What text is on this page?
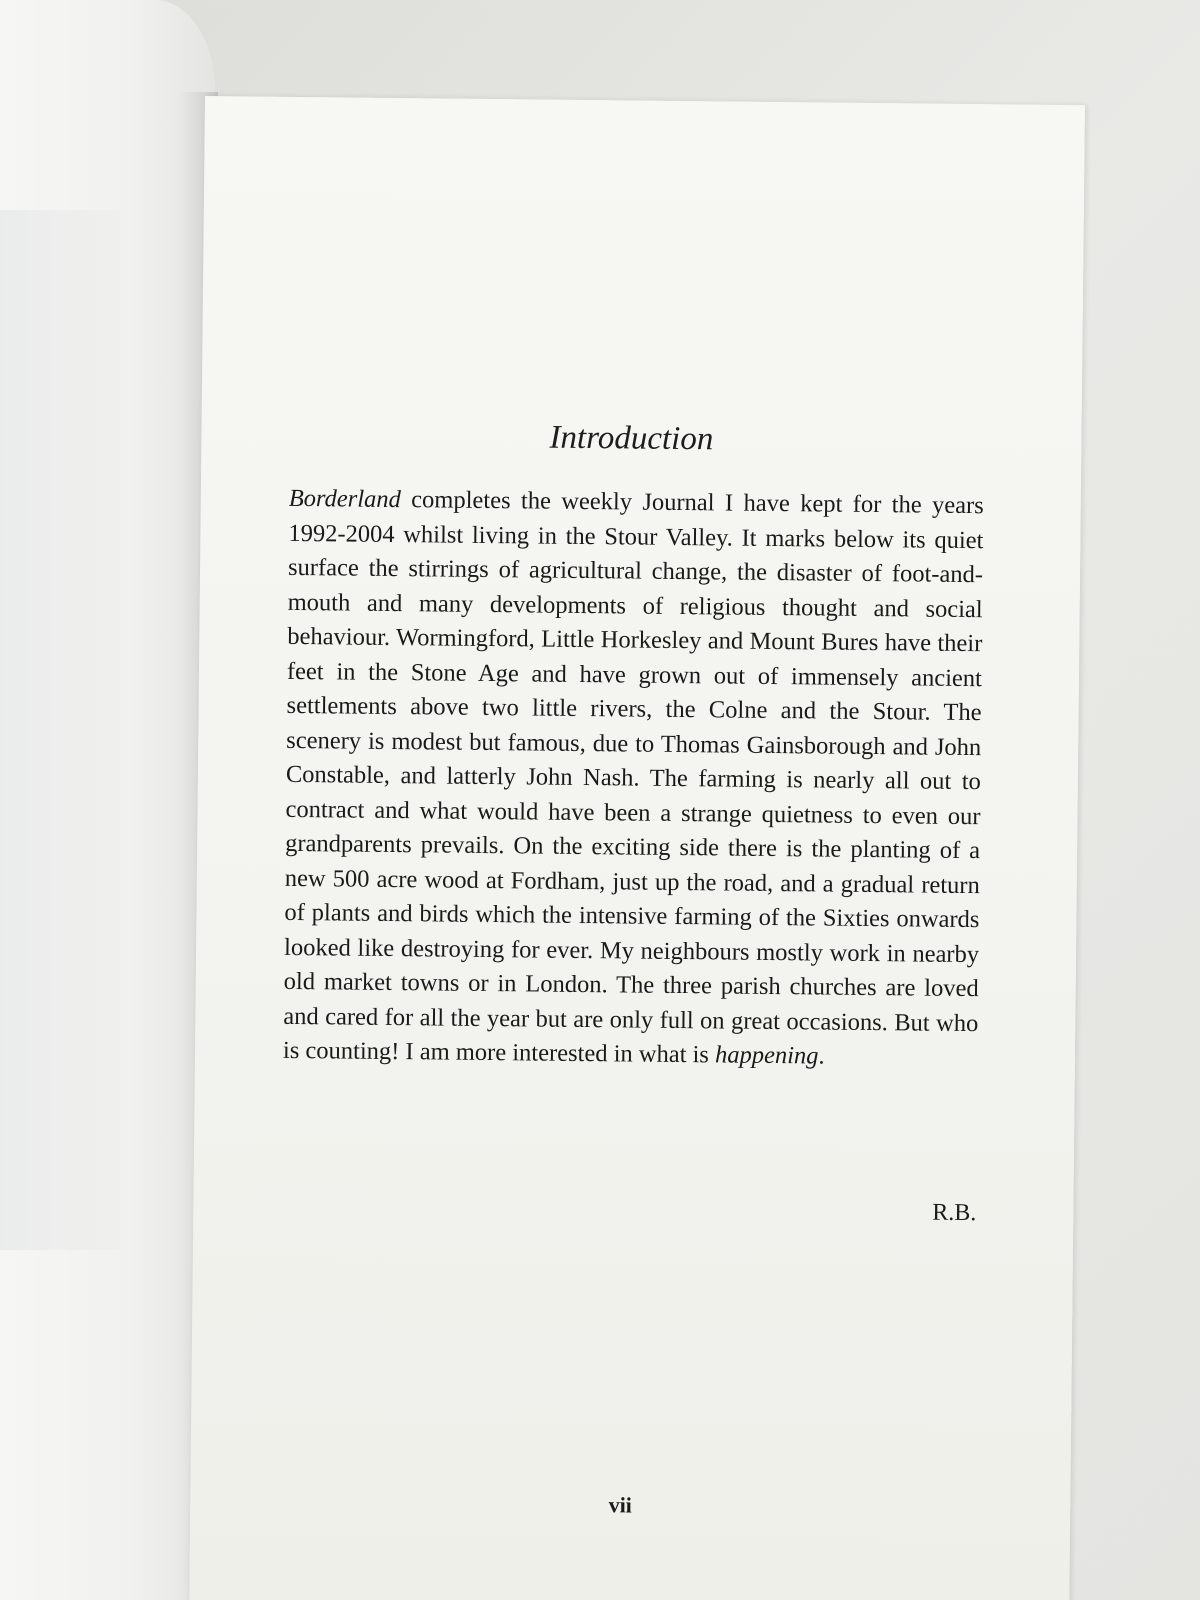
Introduction

Borderland completes the weekly Journal I have kept for the years 1992-2004 whilst living in the Stour Valley. It marks below its quiet surface the stirrings of agricultural change, the disaster of foot-and-mouth and many developments of religious thought and social behaviour. Wormingford, Little Horkesley and Mount Bures have their feet in the Stone Age and have grown out of immensely ancient settlements above two little rivers, the Colne and the Stour. The scenery is modest but famous, due to Thomas Gainsborough and John Constable, and latterly John Nash. The farming is nearly all out to contract and what would have been a strange quietness to even our grandparents prevails. On the exciting side there is the planting of a new 500 acre wood at Fordham, just up the road, and a gradual return of plants and birds which the intensive farming of the Sixties onwards looked like destroying for ever. My neighbours mostly work in nearby old market towns or in London. The three parish churches are loved and cared for all the year but are only full on great occasions. But who is counting! I am more interested in what is happening.

R.B.
vii
